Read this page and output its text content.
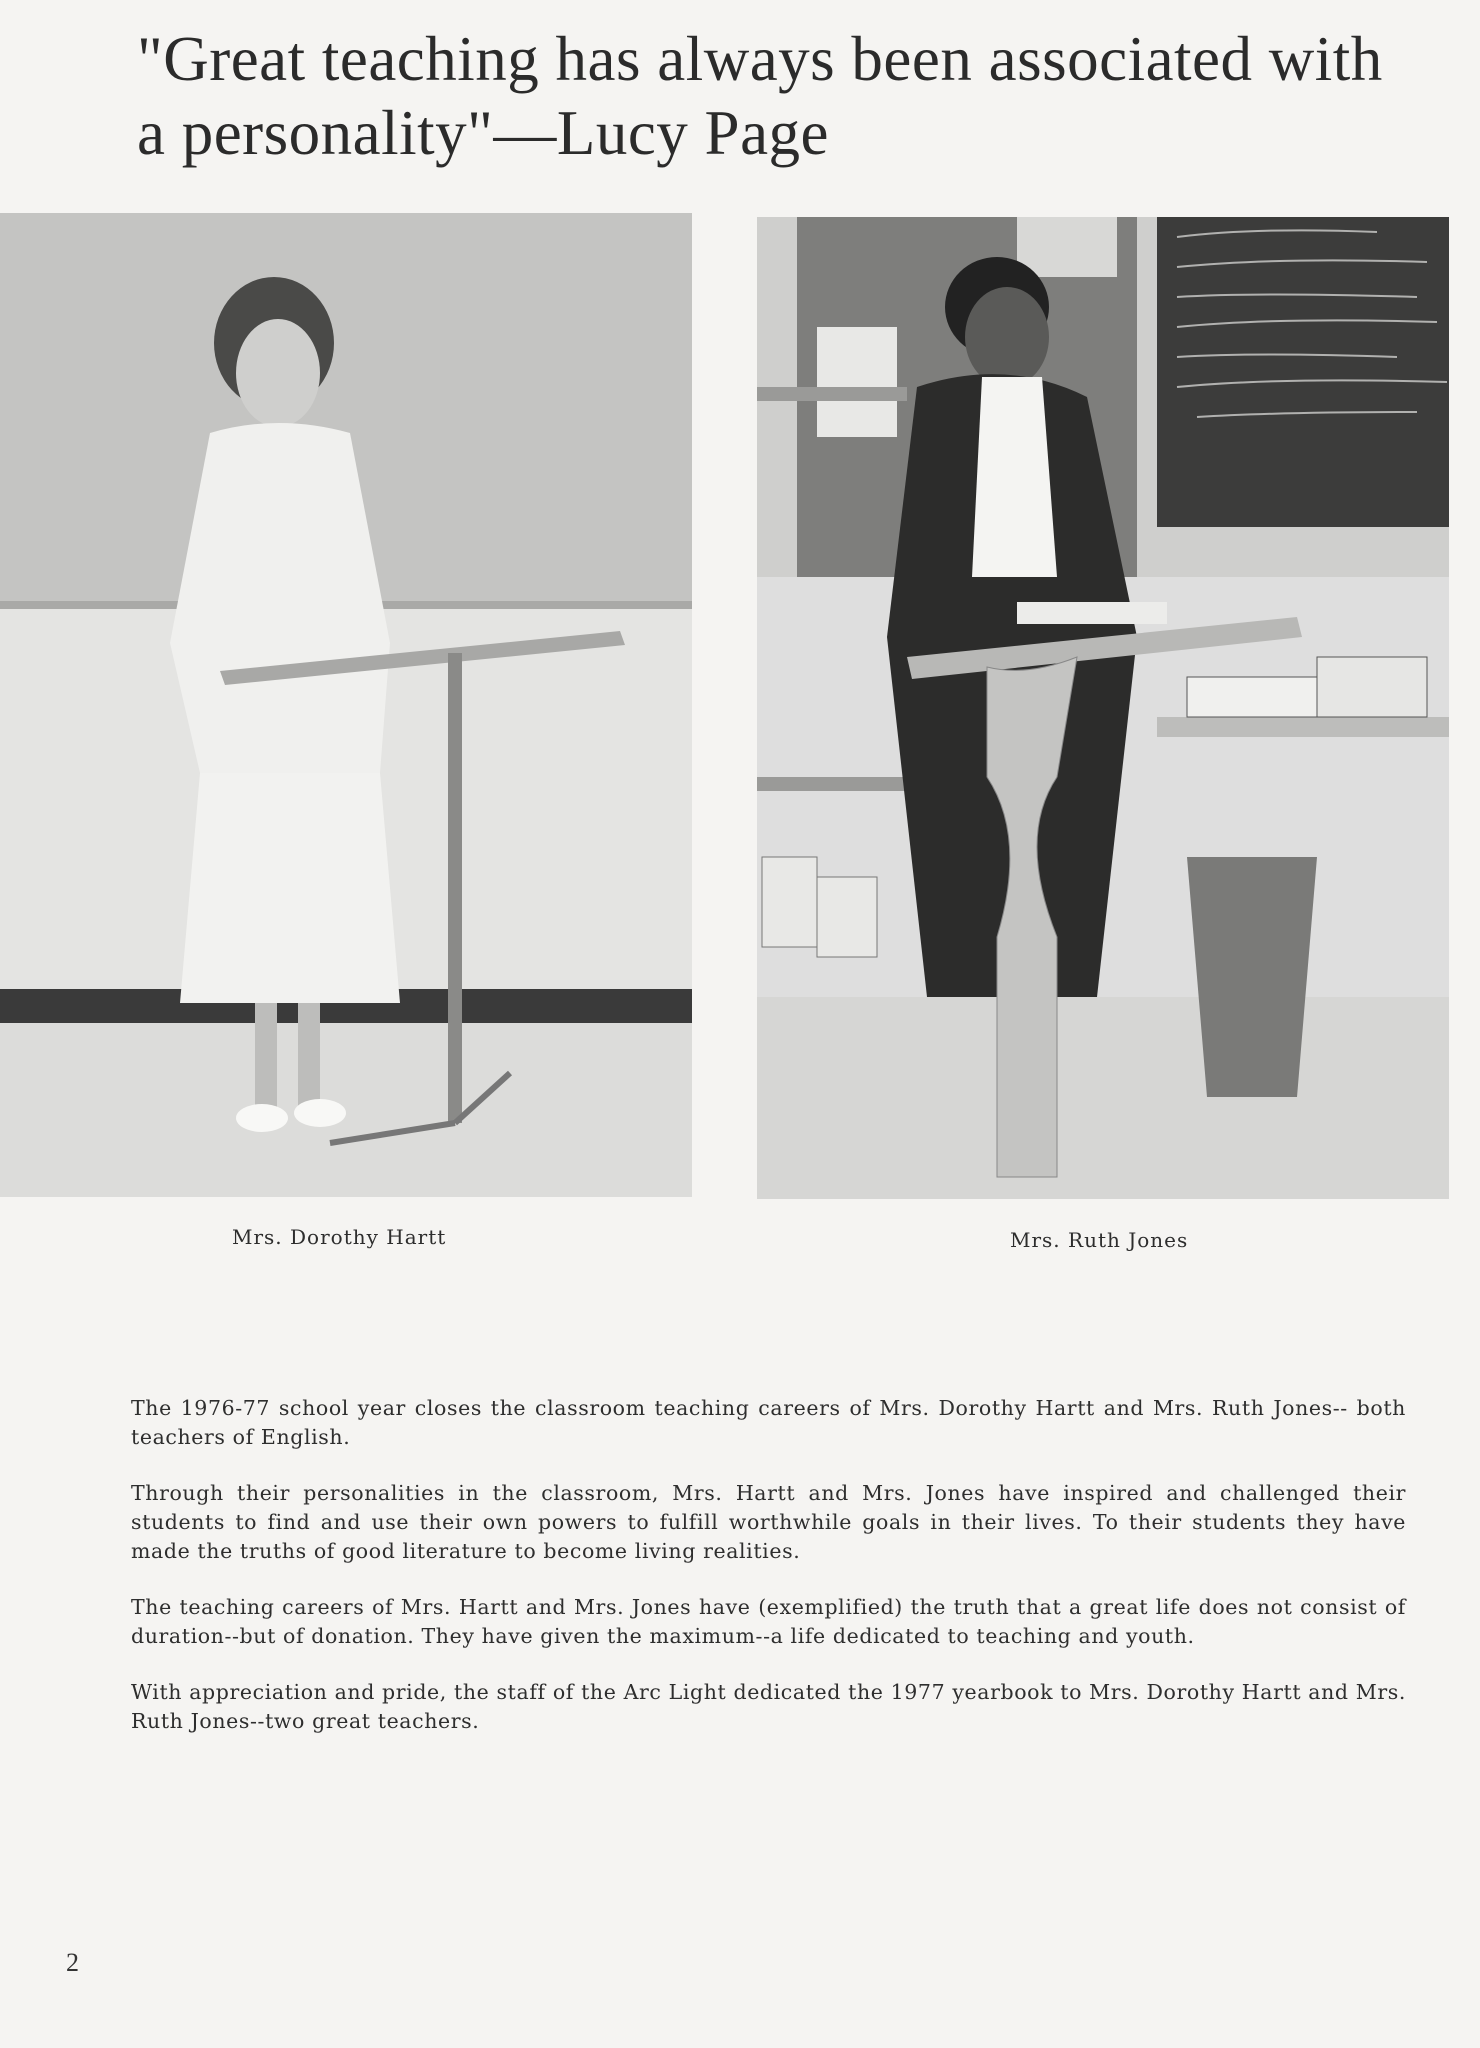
"Great teaching has always been associated with a personality"—Lucy Page
Mrs. Dorothy Hartt	Mrs. Ruth Jones

The 1976-77 school year closes the classroom teaching careers of Mrs. Dorothy Hartt and Mrs. Ruth Jones-- both teachers of English.

Through their personalities in the classroom, Mrs. Hartt and Mrs. Jones have inspired and challenged their students to find and use their own powers to fulfill worthwhile goals in their lives. To their students they have made the truths of good literature to become living realities.

The teaching careers of Mrs. Hartt and Mrs. Jones have (exemplified) the truth that a great life does not consist of duration--but of donation. They have given the maximum--a life dedicated to teaching and youth.

With appreciation and pride, the staff of the Arc Light dedicated the 1977 yearbook to Mrs. Dorothy Hartt and Mrs. Ruth Jones--two great teachers.

2
